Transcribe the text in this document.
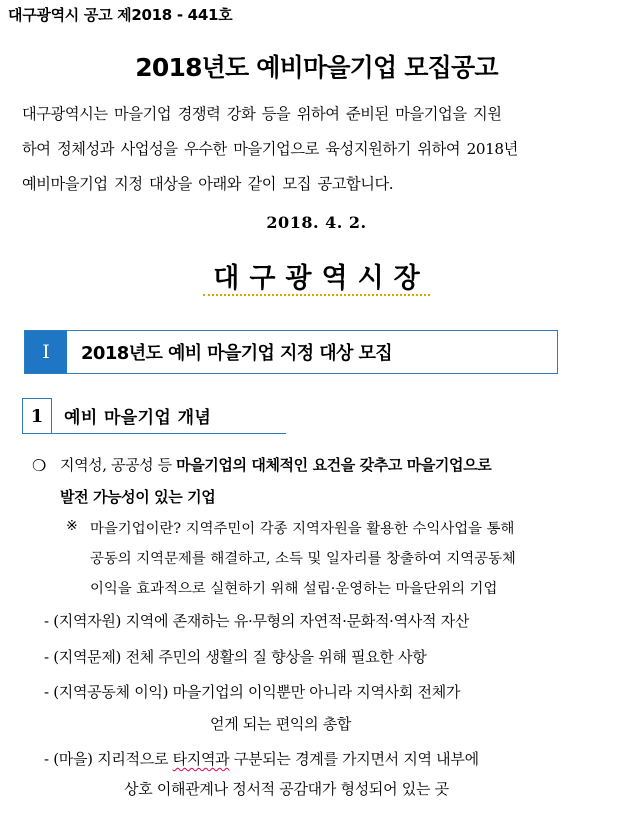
대구광역시 공고 제2018 - 441호
2018년도 예비마을기업 모집공고
대구광역시는 마을기업 경쟁력 강화 등을 위하여 준비된 마을기업을 지원
하여 정체성과 사업성을 우수한 마을기업으로 육성지원하기 위하여 2018년
예비마을기업 지정 대상을 아래와 같이 모집 공고합니다.
2018. 4. 2.
대구광역시장
Ⅰ	2018년도 예비 마을기업 지정 대상 모집
1	예비 마을기업 개념
❍ 지역성, 공공성 등 마을기업의 대체적인 요건을 갖추고 마을기업으로
발전 가능성이 있는 기업
※ 마을기업이란? 지역주민이 각종 지역자원을 활용한 수익사업을 통해
공동의 지역문제를 해결하고, 소득 및 일자리를 창출하여 지역공동체
이익을 효과적으로 실현하기 위해 설립·운영하는 마을단위의 기업
- (지역자원) 지역에 존재하는 유·무형의 자연적·문화적·역사적 자산
- (지역문제) 전체 주민의 생활의 질 향상을 위해 필요한 사항
- (지역공동체 이익) 마을기업의 이익뿐만 아니라 지역사회 전체가
얻게 되는 편익의 총합
- (마을) 지리적으로 타지역과 구분되는 경계를 가지면서 지역 내부에
상호 이해관계나 정서적 공감대가 형성되어 있는 곳
